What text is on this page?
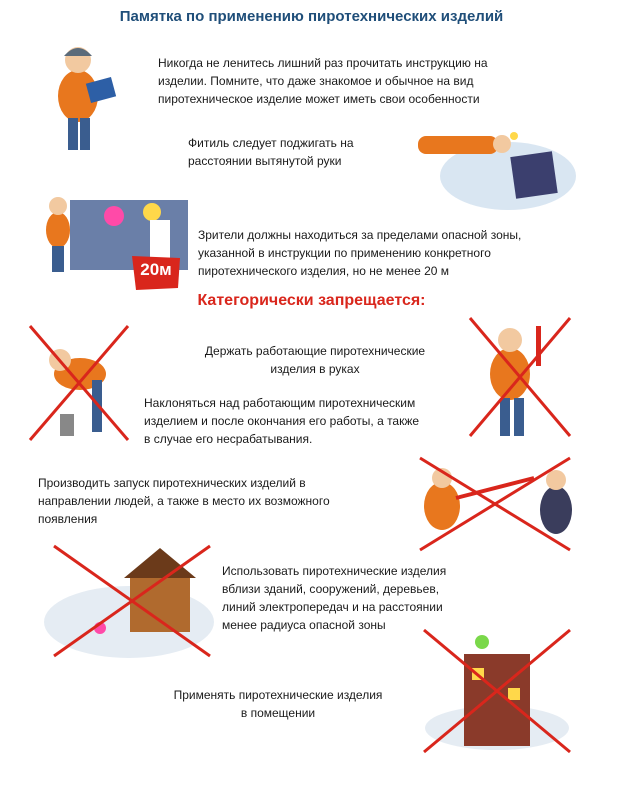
Памятка по применению пиротехнических изделий
Никогда не ленитесь лишний раз прочитать инструкцию на
изделии. Помните, что даже знакомое и обычное на вид
пиротехническое изделие может иметь свои особенности
Фитиль следует поджигать на
расстоянии вытянутой руки
20м
Зрители должны находиться за пределами опасной зоны,
указанной в инструкции по применению конкретного
пиротехнического изделия, но не менее 20 м
Категорически запрещается:
Держать работающие пиротехнические
изделия в руках
Наклоняться над работающим пиротехническим
изделием и после окончания его работы, а также
в случае его несрабатывания.
Производить запуск пиротехнических изделий в
направлении людей, а также в место их возможного
появления
Использовать пиротехнические изделия
вблизи зданий, сооружений, деревьев,
линий электропередач и на расстоянии
менее радиуса опасной зоны
Применять пиротехнические изделия
в помещении
